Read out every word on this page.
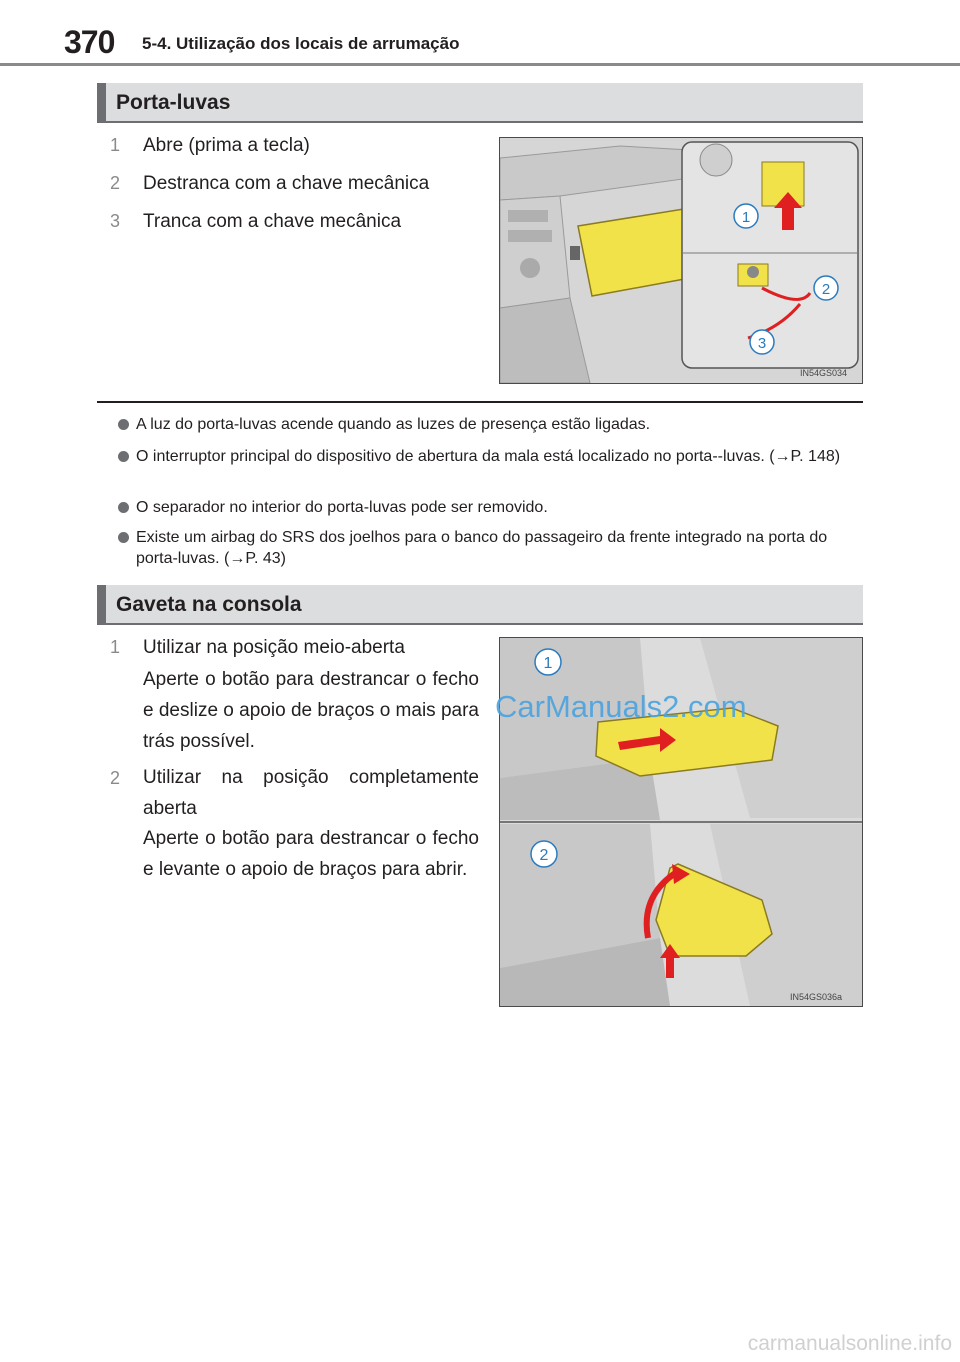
370 5-4. Utilização dos locais de arrumação
Porta-luvas
1 Abre (prima a tecla)
2 Destranca com a chave mecânica
3 Tranca com a chave mecânica	1
2
3
IN54GS034
A luz do porta-luvas acende quando as luzes de presença estão ligadas.
O interruptor principal do dispositivo de abertura da mala está localizado no porta--luvas. (→P. 148)
O separador no interior do porta-luvas pode ser removido.
Existe um airbag do SRS dos joelhos para o banco do passageiro da frente integrado na porta do porta-luvas. (→P. 43)
Gaveta na consola
1 Utilizar na posição meio-aberta
Aperte o botão para destrancar o fecho e deslize o apoio de braços o mais para trás possível.
2 Utilizar na posição completamente aberta
Aperte o botão para destrancar o fecho e levante o apoio de braços para abrir.
1
2
IN54GS036a
CarManuals2.com
carmanualsonline.info
